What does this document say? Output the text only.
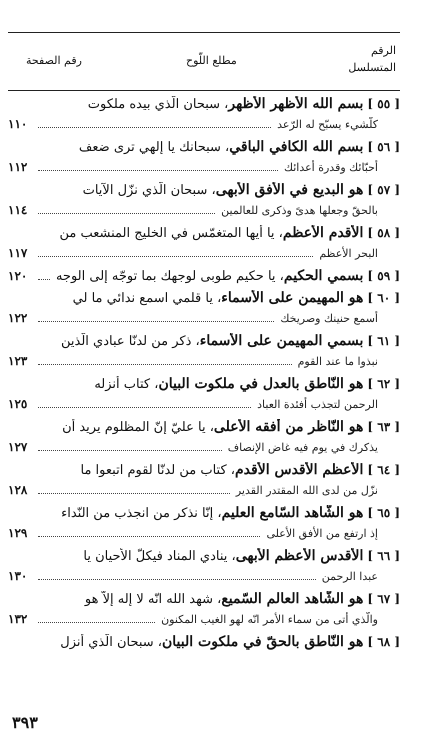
الرقم
المتسلسل
مطلع اللّوح
رقم الصفحة
[ ٥٥ ]
بسم الله الأظهر الأظهر
، سبحان الّذي بيده ملكوت
كلّشيء يسبّح له الرّعد
١١٠
[ ٥٦ ]
بسم الله الكافي الباقي
، سبحانك يا إلهي ترى ضعف
أحبّائك وقدرة أعدائك
١١٢
[ ٥٧ ]
هو البديع في الأفق الأبهى
، سبحان الّذي نزّل الآيات
بالحقّ وجعلها هدىً وذكرى للعالمين
١١٤
[ ٥٨ ]
الأقدم الأعظم
، يا أيها المتغمّس في الخليج المنشعب من
البحر الأعظم
١١٧
[ ٥٩ ]
بسمي الحكيم
، يا حكيم طوبى لوجهك بما توجّه إلى الوجه
١٢٠
[ ٦٠ ]
هو المهيمن على الأسماء
، يا قلمي اسمع ندائي ما لي
أسمع حنينك وصريخك
١٢٢
[ ٦١ ]
بسمي المهيمن على الأسماء
، ذكر من لدنّا عبادي الّذين
نبذوا ما عند القوم
١٢٣
[ ٦٢ ]
هو النّاطق بالعدل في ملكوت البيان
، كتاب أنزله
الرحمن لتجذب أفئدة العباد
١٢٥
[ ٦٣ ]
هو النّاظر من أفقه الأعلى
، يا عليّ إنّ المظلوم يريد أن
يذكرك في يوم فيه غاض الإنصاف
١٢٧
[ ٦٤ ]
الأعظم الأقدس الأقدم
، كتاب من لدنّا لقوم اتبعوا ما
نزّل من لدى الله المقتدر القدير
١٢٨
[ ٦٥ ]
هو الشّاهد السّامع العليم
، إنّا نذكر من انجذب من النّداء
إذ ارتفع من الأفق الأعلى
١٢٩
[ ٦٦ ]
الأقدس الأعظم الأبهى
، ينادي المناد فيكلّ الأحيان يا
عبدا الرحمن
١٣٠
[ ٦٧ ]
هو الشّاهد العالم السّميع
، شهد الله انّه لا إله إلاّ هو
والّذي أتى من سماء الأمر انّه لهو الغيب المكنون
١٣٢
[ ٦٨ ]
هو النّاطق بالحقّ في ملكوت البيان
، سبحان الّذي أنزل
٣٩٣
